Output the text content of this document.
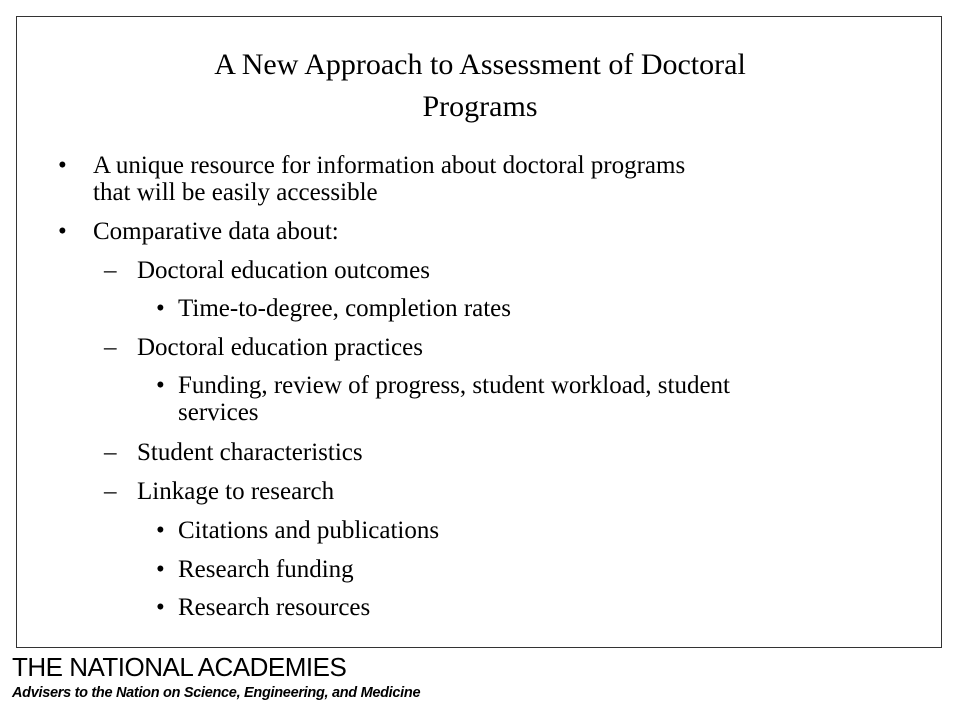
A New Approach to Assessment of Doctoral
Programs
• A unique resource for information about doctoral programs
that will be easily accessible
• Comparative data about:
– Doctoral education outcomes
• Time-to-degree, completion rates
– Doctoral education practices
• Funding, review of progress, student workload, student
services
– Student characteristics
– Linkage to research
• Citations and publications
• Research funding
• Research resources
THE NATIONAL ACADEMIES
Advisers to the Nation on Science, Engineering, and Medicine
